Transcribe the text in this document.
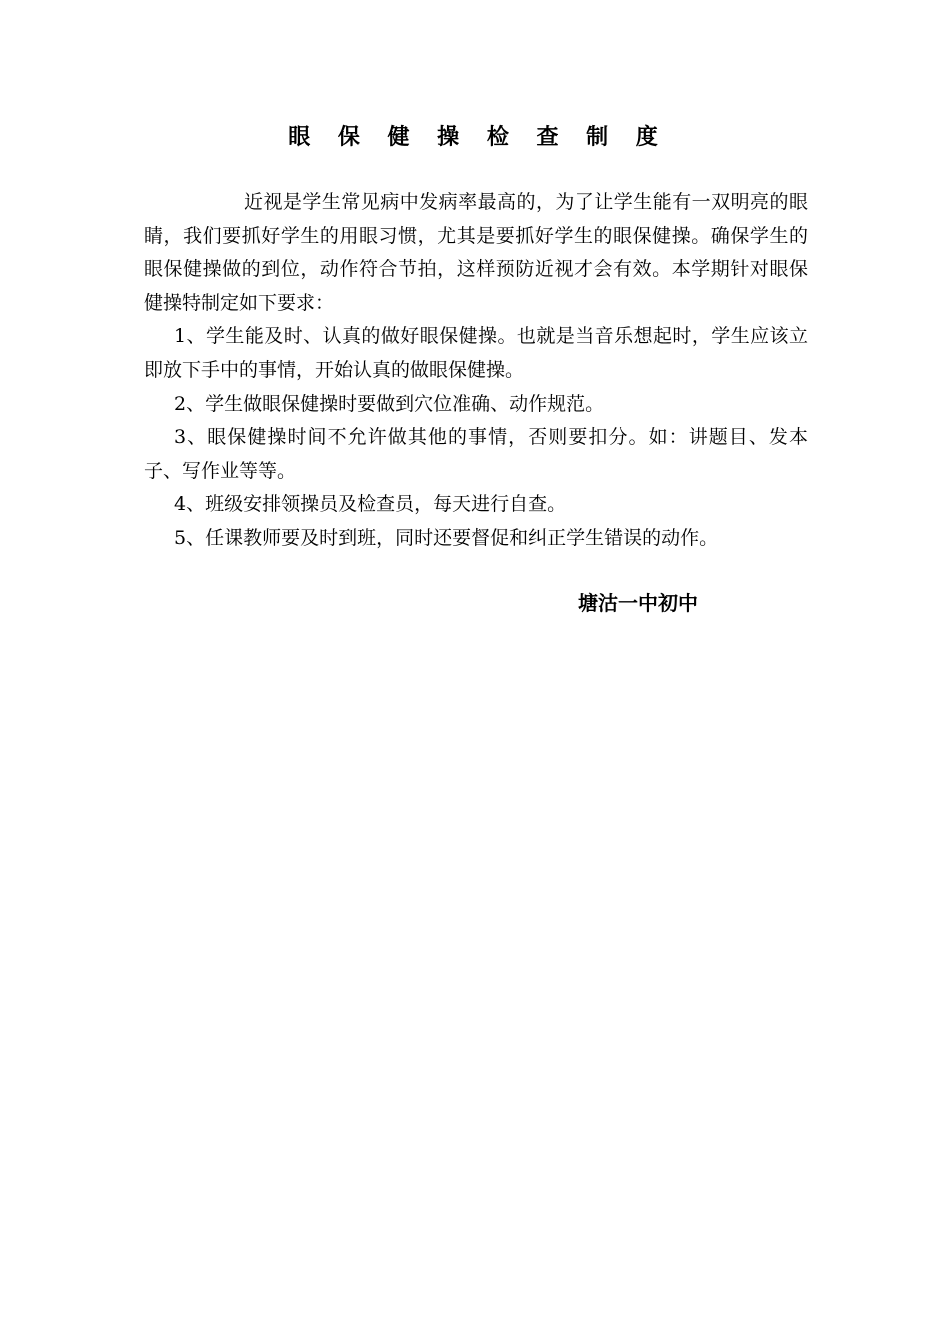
眼 保 健 操 检 查 制 度

近视是学生常见病中发病率最高的，为了让学生能有一双明亮的眼睛，我们要抓好学生的用眼习惯，尤其是要抓好学生的眼保健操。确保学生的眼保健操做的到位，动作符合节拍，这样预防近视才会有效。本学期针对眼保健操特制定如下要求：

1、学生能及时、认真的做好眼保健操。也就是当音乐想起时，学生应该立即放下手中的事情，开始认真的做眼保健操。

2、学生做眼保健操时要做到穴位准确、动作规范。

3、眼保健操时间不允许做其他的事情，否则要扣分。如：讲题目、发本子、写作业等等。

4、班级安排领操员及检查员，每天进行自查。

5、任课教师要及时到班，同时还要督促和纠正学生错误的动作。

塘沽一中初中
